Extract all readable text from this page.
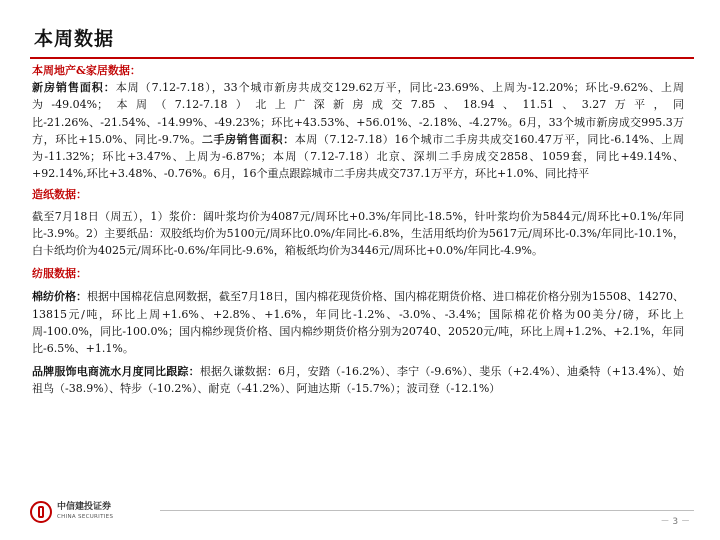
本周数据

本周地产&家居数据：

新房销售面积：本周（7.12-7.18），33个城市新房共成交129.62万平，同比-23.69%、上周为-12.20%；环比-9.62%、上周为-49.04%；本周（7.12-7.18）北上广深新房成交7.85、18.94、11.51、3.27万平，同比-21.26%、-21.54%、-14.99%、-49.23%；环比+43.53%、+56.01%、-2.18%、-4.27%。6月，33个城市新房成交995.3万方，环比+15.0%、同比-9.7%。二手房销售面积：本周（7.12-7.18）16个城市二手房共成交160.47万平，同比-6.14%、上周为-11.32%；环比+3.47%、上周为-6.87%；本周（7.12-7.18）北京、深圳二手房成交2858、1059套，同比+49.14%、+92.14%,环比+3.48%、-0.76%。6月，16个重点跟踪城市二手房共成交737.1万平方，环比+1.0%、同比持平

造纸数据：

截至7月18日（周五），1）浆价：阔叶浆均价为4087元/周环比+0.3%/年同比-18.5%，针叶浆均价为5844元/周环比+0.1%/年同比-3.9%。2）主要纸品：双胶纸均价为5100元/周环比0.0%/年同比-6.8%，生活用纸均价为5617元/周环比-0.3%/年同比-10.1%，白卡纸均价为4025元/周环比-0.6%/年同比-9.6%，箱板纸均价为3446元/周环比+0.0%/年同比-4.9%。

纺服数据：

棉纺价格：根据中国棉花信息网数据，截至7月18日，国内棉花现货价格、国内棉花期货价格、进口棉花价格分别为15508、14270、13815元/吨，环比上周+1.6%、+2.8%、+1.6%，年同比-1.2%、-3.0%、-3.4%；国际棉花价格为00美分/磅，环比上周-100.0%，同比-100.0%；国内棉纱现货价格、国内棉纱期货价格分别为20740、20520元/吨，环比上周+1.2%、+2.1%，年同比-6.5%、+1.1%。

品牌服饰电商流水月度同比跟踪：根据久谦数据：6月，安踏（-16.2%）、李宁（-9.6%）、斐乐（+2.4%）、迪桑特（+13.4%）、始祖鸟（-38.9%）、特步（-10.2%）、耐克（-41.2%）、阿迪达斯（-15.7%）；波司登（-12.1%）

中信建投证券
CHINA SECURITIES	－ 3 －
